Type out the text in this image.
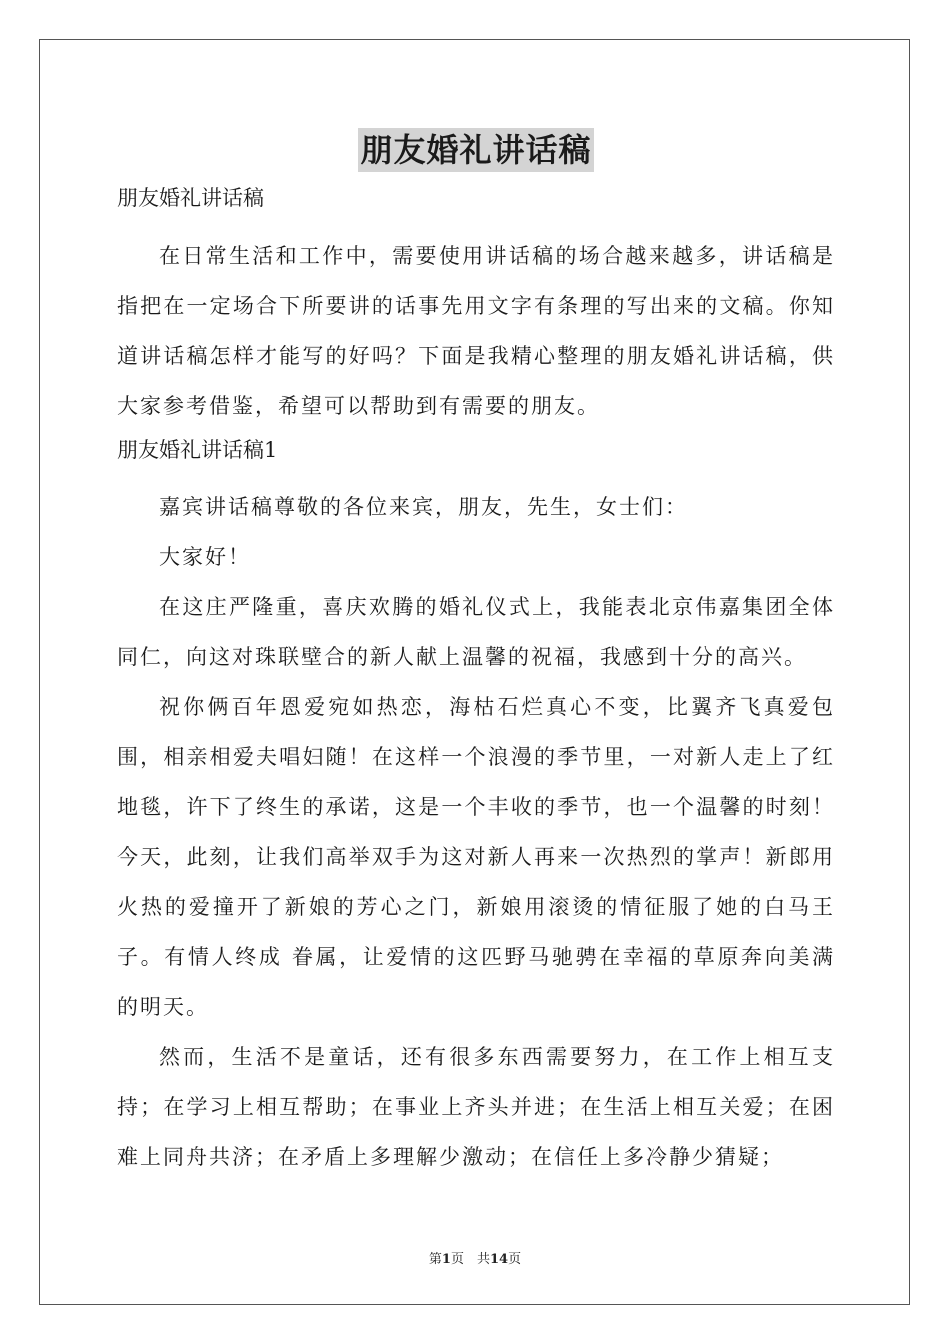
朋友婚礼讲话稿

朋友婚礼讲话稿

在日常生活和工作中，需要使用讲话稿的场合越来越多，讲话稿是指把在一定场合下所要讲的话事先用文字有条理的写出来的文稿。你知道讲话稿怎样才能写的好吗？下面是我精心整理的朋友婚礼讲话稿，供大家参考借鉴，希望可以帮助到有需要的朋友。

朋友婚礼讲话稿1

嘉宾讲话稿尊敬的各位来宾，朋友，先生，女士们：

大家好！

在这庄严隆重，喜庆欢腾的婚礼仪式上，我能表北京伟嘉集团全体同仁，向这对珠联壁合的新人献上温馨的祝福，我感到十分的高兴。

祝你俩百年恩爱宛如热恋，海枯石烂真心不变，比翼齐飞真爱包围，相亲相爱夫唱妇随！在这样一个浪漫的季节里，一对新人走上了红地毯，许下了终生的承诺，这是一个丰收的季节，也一个温馨的时刻！今天，此刻，让我们高举双手为这对新人再来一次热烈的掌声！新郎用火热的爱撞开了新娘的芳心之门，新娘用滚烫的情征服了她的白马王子。有情人终成 眷属，让爱情的这匹野马驰骋在幸福的草原奔向美满的明天。

然而，生活不是童话，还有很多东西需要努力，在工作上相互支持；在学习上相互帮助；在事业上齐头并进；在生活上相互关爱；在困难上同舟共济；在矛盾上多理解少激动；在信任上多冷静少猜疑；

第1页　共14页
